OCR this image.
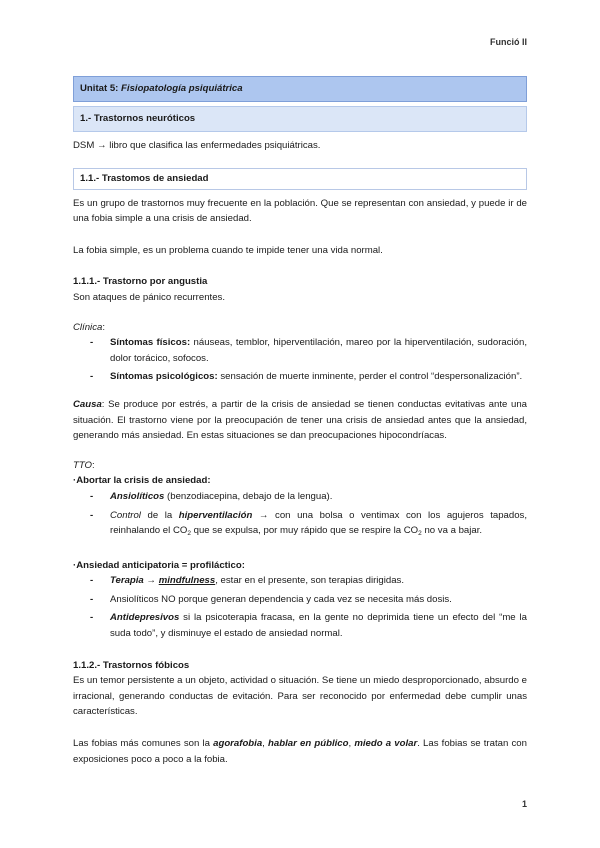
Funció II
Unitat 5:
Fisiopatología psiquiátrica
1.- Trastornos neuróticos

DSM → libro que clasifica las enfermedades psiquiátricas.

1.1.- Trastomos de ansiedad

Es un grupo de trastornos muy frecuente en la población. Que se representan con ansiedad, y puede ir de una fobia simple a una crisis de ansiedad.

La fobia simple, es un problema cuando te impide tener una vida normal.

1.1.1.- Trastorno por angustia

Son ataques de pánico recurrentes.

Clínica:

- Síntomas físicos: náuseas, temblor, hiperventilación, mareo por la hiperventilación, sudoración, dolor torácico, sofocos.
- Síntomas psicológicos: sensación de muerte inminente, perder el control “despersonalización”.

Causa: Se produce por estrés, a partir de la crisis de ansiedad se tienen conductas evitativas ante una situación. El trastorno viene por la preocupación de tener una crisis de ansiedad antes que la ansiedad, generando más ansiedad. En estas situaciones se dan preocupaciones hipocondríacas.

TTO:

·Abortar la crisis de ansiedad:

- Ansiolíticos (benzodiacepina, debajo de la lengua).
- Control de la hiperventilación → con una bolsa o ventimax con los agujeros tapados, reinhalando el $CO_2$ que se expulsa, por muy rápido que se respire la $CO_2$ no va a bajar.

·Ansiedad anticipatoria = profiláctico:

- Terapia → mindfulness, estar en el presente, son terapias dirigidas.
- Ansiolíticos NO porque generan dependencia y cada vez se necesita más dosis.
- Antidepresivos si la psicoterapia fracasa, en la gente no deprimida tiene un efecto del “me la suda todo”, y disminuye el estado de ansiedad normal.

1.1.2.- Trastornos fóbicos

Es un temor persistente a un objeto, actividad o situación. Se tiene un miedo desproporcionado, absurdo e irracional, generando conductas de evitación. Para ser reconocido por enfermedad debe cumplir unas características.

Las fobias más comunes son la agorafobia, hablar en público, miedo a volar. Las fobias se tratan con exposiciones poco a poco a la fobia.

1
